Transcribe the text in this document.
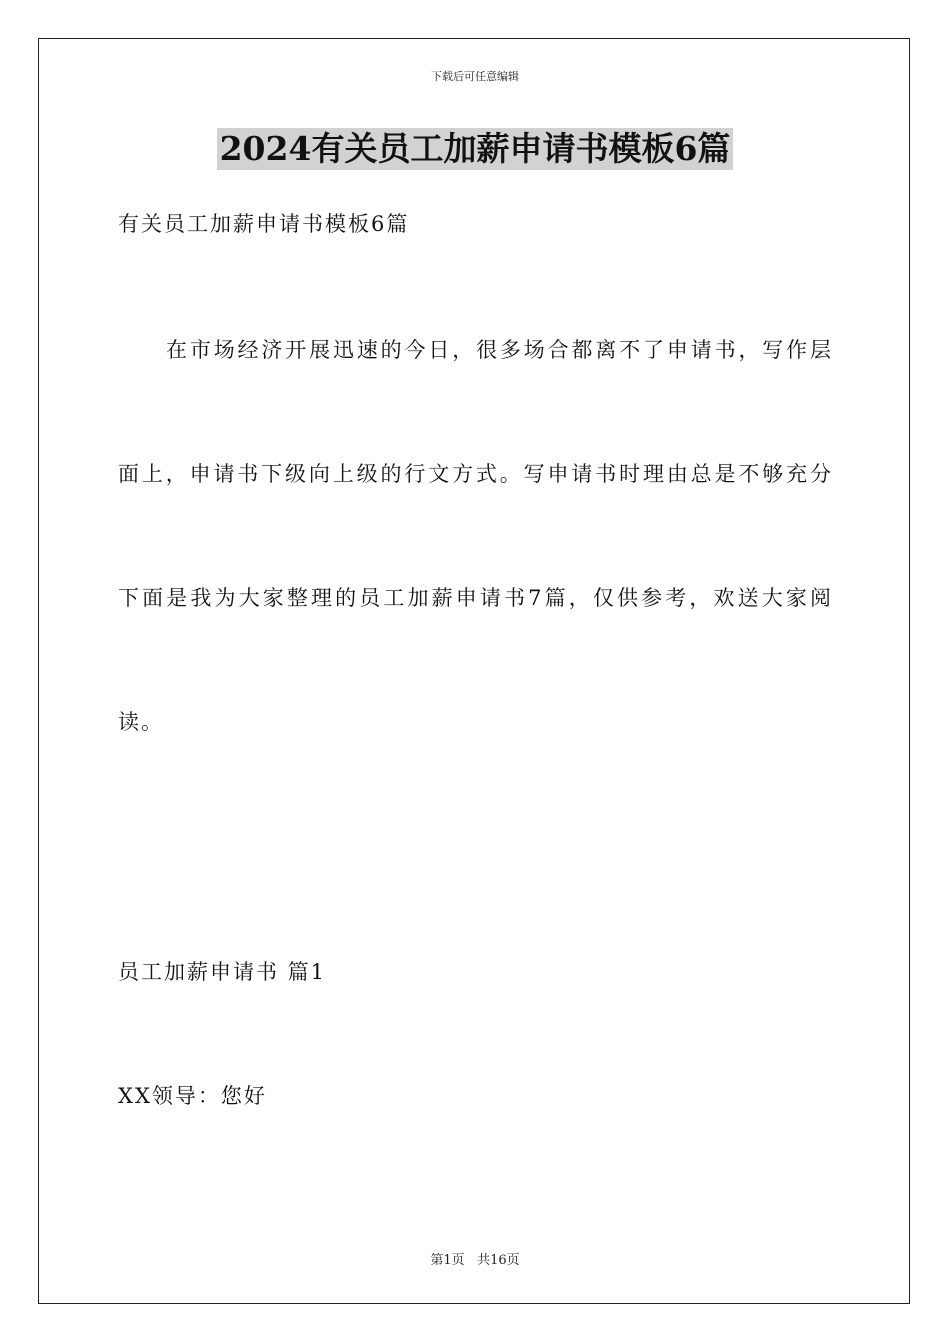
下载后可任意编辑
2024有关员工加薪申请书模板6篇
有关员工加薪申请书模板6篇
在市场经济开展迅速的今日，很多场合都离不了申请书，写作层
面上，申请书下级向上级的行文方式。写申请书时理由总是不够充分
下面是我为大家整理的员工加薪申请书7篇，仅供参考，欢送大家阅
读。
员工加薪申请书 篇1
XX领导：您好
第1页 共16页
